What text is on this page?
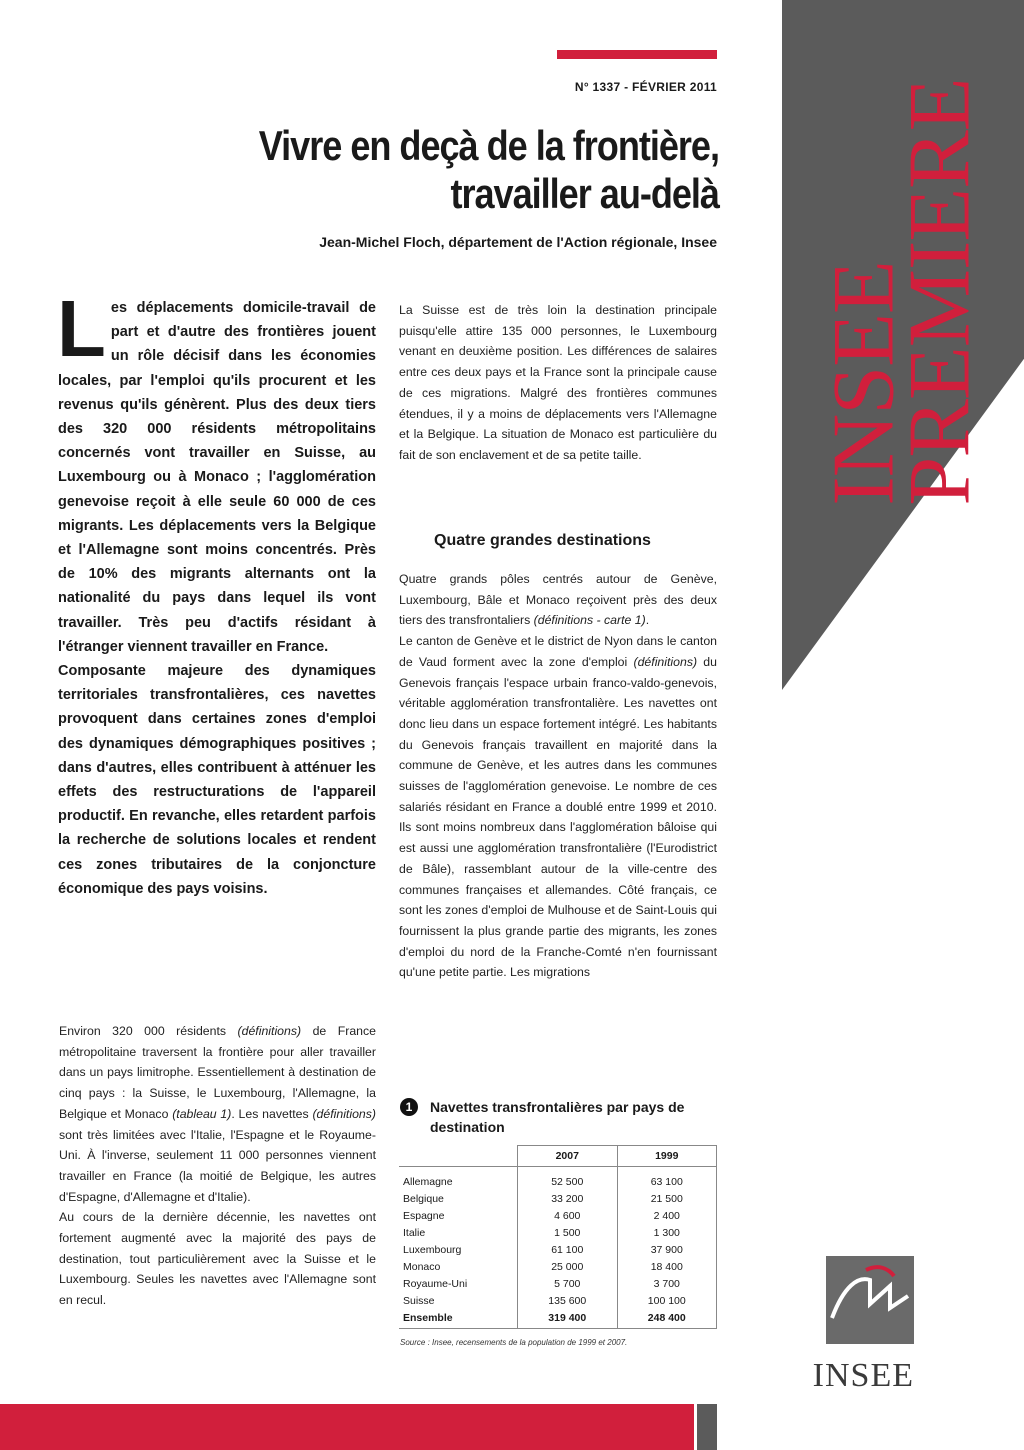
INSEE
PREMIERE
N° 1337 - FÉVRIER 2011
Vivre en deçà de la frontière,
travailler au-delà
Jean-Michel Floch, département de l'Action régionale, Insee

Les déplacements domicile-travail de part et d'autre des frontières jouent un rôle décisif dans les économies locales, par l'emploi qu'ils procurent et les revenus qu'ils génèrent. Plus des deux tiers des 320 000 résidents métropolitains concernés vont travailler en Suisse, au Luxembourg ou à Monaco ; l'agglomération genevoise reçoit à elle seule 60 000 de ces migrants. Les déplacements vers la Belgique et l'Allemagne sont moins concentrés. Près de 10% des migrants alternants ont la nationalité du pays dans lequel ils vont travailler. Très peu d'actifs résidant à l'étranger viennent travailler en France.

Composante majeure des dynamiques territoriales transfrontalières, ces navettes provoquent dans certaines zones d'emploi des dynamiques démographiques positives ; dans d'autres, elles contribuent à atténuer les effets des restructurations de l'appareil productif. En revanche, elles retardent parfois la recherche de solutions locales et rendent ces zones tributaires de la conjoncture économique des pays voisins.

Environ 320 000 résidents (définitions) de France métropolitaine traversent la frontière pour aller travailler dans un pays limitrophe. Essentiellement à destination de cinq pays : la Suisse, le Luxembourg, l'Allemagne, la Belgique et Monaco (tableau 1). Les navettes (définitions) sont très limitées avec l'Italie, l'Espagne et le Royaume-Uni. À l'inverse, seulement 11 000 personnes viennent travailler en France (la moitié de Belgique, les autres d'Espagne, d'Allemagne et d'Italie).

Au cours de la dernière décennie, les navettes ont fortement augmenté avec la majorité des pays de destination, tout particulièrement avec la Suisse et le Luxembourg. Seules les navettes avec l'Allemagne sont en recul.

La Suisse est de très loin la destination principale puisqu'elle attire 135 000 personnes, le Luxembourg venant en deuxième position. Les différences de salaires entre ces deux pays et la France sont la principale cause de ces migrations. Malgré des frontières communes étendues, il y a moins de déplacements vers l'Allemagne et la Belgique. La situation de Monaco est particulière du fait de son enclavement et de sa petite taille.

Quatre grandes destinations

Quatre grands pôles centrés autour de Genève, Luxembourg, Bâle et Monaco reçoivent près des deux tiers des transfrontaliers (définitions - carte 1).

Le canton de Genève et le district de Nyon dans le canton de Vaud forment avec la zone d'emploi (définitions) du Genevois français l'espace urbain franco-valdo-genevois, véritable agglomération transfrontalière. Les navettes ont donc lieu dans un espace fortement intégré. Les habitants du Genevois français travaillent en majorité dans la commune de Genève, et les autres dans les communes suisses de l'agglomération genevoise. Le nombre de ces salariés résidant en France a doublé entre 1999 et 2010. Ils sont moins nombreux dans l'agglomération bâloise qui est aussi une agglomération transfrontalière (l'Eurodistrict de Bâle), rassemblant autour de la ville-centre des communes françaises et allemandes. Côté français, ce sont les zones d'emploi de Mulhouse et de Saint-Louis qui fournissent la plus grande partie des migrants, les zones d'emploi du nord de la Franche-Comté n'en fournissant qu'une petite partie. Les migrations

1 Navettes transfrontalières par pays de destination
	2007	1999
Allemagne	52 500	63 100
Belgique	33 200	21 500
Espagne	4 600	2 400
Italie	1 500	1 300
Luxembourg	61 100	37 900
Monaco	25 000	18 400
Royaume-Uni	5 700	3 700
Suisse	135 600	100 100
Ensemble	319 400	248 400
Source : Insee, recensements de la population de 1999 et 2007.
INSEE
